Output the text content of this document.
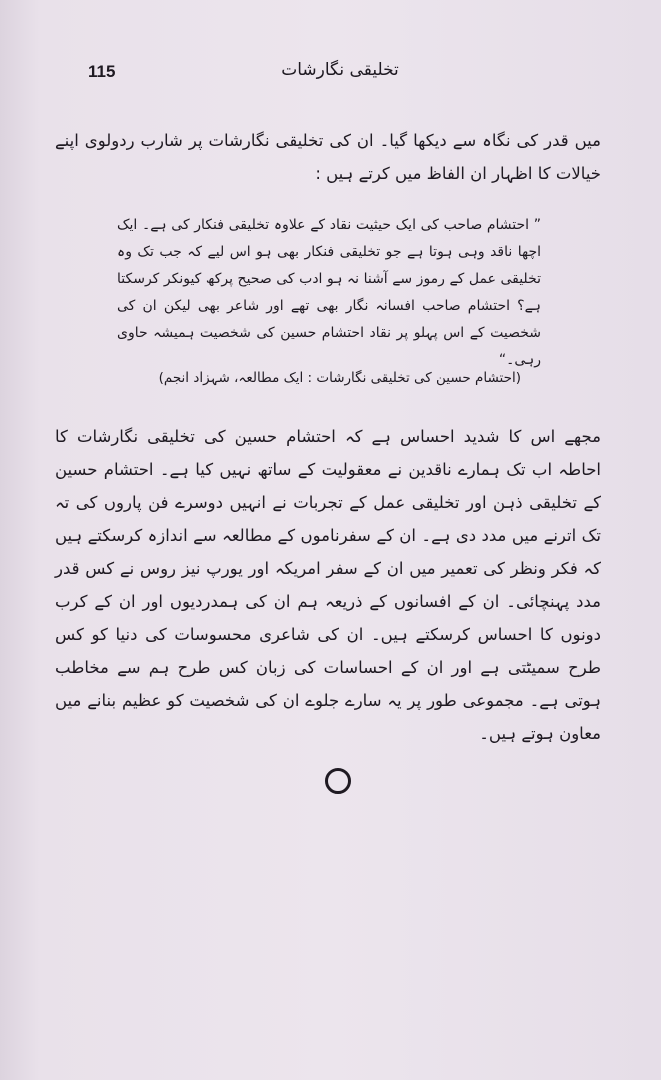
115	تخلیقی نگارشات
میں قدر کی نگاہ سے دیکھا گیا۔ ان کی تخلیقی نگارشات پر شارب ردولوی اپنے خیالات کا اظہار ان الفاظ میں کرتے ہیں :
” احتشام صاحب کی ایک حیثیت نقاد کے علاوہ تخلیقی فنکار کی ہے۔ ایک اچھا ناقد وہی ہوتا ہے جو تخلیقی فنکار بھی ہو اس لیے کہ جب تک وہ تخلیقی عمل کے رموز سے آشنا نہ ہو ادب کی صحیح پرکھ کیونکر کرسکتا ہے؟ احتشام صاحب افسانہ نگار بھی تھے اور شاعر بھی لیکن ان کی شخصیت کے اس پہلو پر نقاد احتشام حسین کی شخصیت ہمیشہ حاوی رہی۔“
(احتشام حسین کی تخلیقی نگارشات : ایک مطالعہ، شہزاد انجم)
مجھے اس کا شدید احساس ہے کہ احتشام حسین کی تخلیقی نگارشات کا احاطہ اب تک ہمارے ناقدین نے معقولیت کے ساتھ نہیں کیا ہے۔ احتشام حسین کے تخلیقی ذہن اور تخلیقی عمل کے تجربات نے انہیں دوسرے فن پاروں کی تہ تک اترنے میں مدد دی ہے۔ ان کے سفرناموں کے مطالعہ سے اندازہ کرسکتے ہیں کہ فکر ونظر کی تعمیر میں ان کے سفر امریکہ اور یورپ نیز روس نے کس قدر مدد پہنچائی۔ ان کے افسانوں کے ذریعہ ہم ان کی ہمدردیوں اور ان کے کرب دونوں کا احساس کرسکتے ہیں۔ ان کی شاعری محسوسات کی دنیا کو کس طرح سمیٹتی ہے اور ان کے احساسات کی زبان کس طرح ہم سے مخاطب ہوتی ہے۔ مجموعی طور پر یہ سارے جلوے ان کی شخصیت کو عظیم بنانے میں معاون ہوتے ہیں۔
